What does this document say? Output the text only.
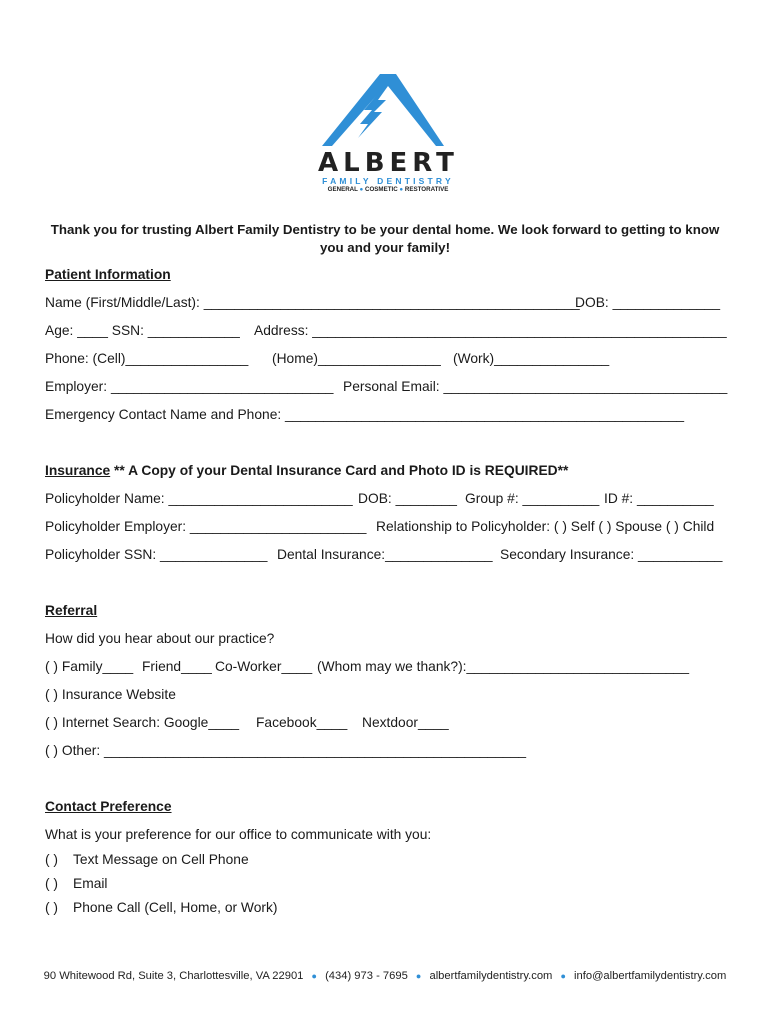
ALBERT
FAMILY DENTISTRY
GENERAL ● COSMETIC ● RESTORATIVE
Thank you for trusting Albert Family Dentistry to be your dental home. We look forward to getting to know you and your family!
Patient Information
Name (First/Middle/Last): _________________________________________________
DOB: ______________
Age: ____ SSN: ____________ Address: ______________________________________________________
Phone: (Cell)________________ (Home)________________ (Work)_______________
Employer: _____________________________ Personal Email: _____________________________________
Emergency Contact Name and Phone: ____________________________________________________
Insurance ** A Copy of your Dental Insurance Card and Photo ID is REQUIRED**
Policyholder Name: ________________________ DOB: ________ Group #: __________ ID #: __________
Policyholder Employer: _______________________ Relationship to Policyholder: ( ) Self ( ) Spouse ( ) Child
Policyholder SSN: ______________ Dental Insurance:______________ Secondary Insurance: ___________
Referral
How did you hear about our practice?
( ) Family____ Friend____ Co-Worker____ (Whom may we thank?):_____________________________
( ) Insurance Website
( ) Internet Search: Google____ Facebook____ Nextdoor____
( ) Other: _______________________________________________________
Contact Preference
What is your preference for our office to communicate with you:
( ) Text Message on Cell Phone
( ) Email
( ) Phone Call (Cell, Home, or Work)
90 Whitewood Rd, Suite 3, Charlottesville, VA 22901 ● (434) 973 - 7695 ● albertfamilydentistry.com ● info@albertfamilydentistry.com
